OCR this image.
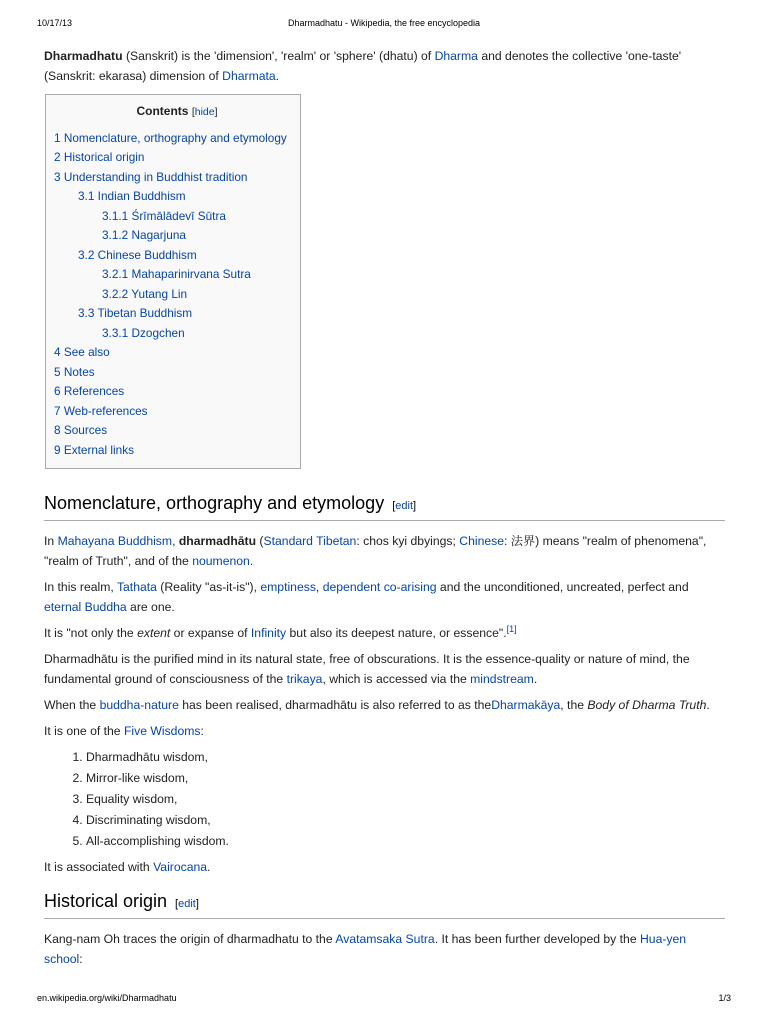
10/17/13	Dharmadhatu - Wikipedia, the free encyclopedia

Dharmadhatu (Sanskrit) is the 'dimension', 'realm' or 'sphere' (dhatu) of Dharma and denotes the collective 'one-taste' (Sanskrit: ekarasa) dimension of Dharmata.

Contents [hide]
1 Nomenclature, orthography and etymology
2 Historical origin
3 Understanding in Buddhist tradition
3.1 Indian Buddhism
3.1.1 Śrīmālādevī Sūtra
3.1.2 Nagarjuna
3.2 Chinese Buddhism
3.2.1 Mahaparinirvana Sutra
3.2.2 Yutang Lin
3.3 Tibetan Buddhism
3.3.1 Dzogchen
4 See also
5 Notes
6 References
7 Web-references
8 Sources
9 External links
Nomenclature, orthography and etymology [edit]

In Mahayana Buddhism, dharmadhātu (Standard Tibetan: chos kyi dbyings; Chinese: 法界) means "realm of phenomena", "realm of Truth", and of the noumenon.

In this realm, Tathata (Reality "as-it-is"), emptiness, dependent co-arising and the unconditioned, uncreated, perfect and eternal Buddha are one.

It is "not only the extent or expanse of Infinity but also its deepest nature, or essence".[1]

Dharmadhātu is the purified mind in its natural state, free of obscurations. It is the essence-quality or nature of mind, the fundamental ground of consciousness of the trikaya, which is accessed via the mindstream.

When the buddha-nature has been realised, dharmadhātu is also referred to as theDharmakāya, the Body of Dharma Truth.

It is one of the Five Wisdoms:

1. Dharmadhātu wisdom,
2. Mirror-like wisdom,
3. Equality wisdom,
4. Discriminating wisdom,
5. All-accomplishing wisdom.

It is associated with Vairocana.

Historical origin [edit]

Kang-nam Oh traces the origin of dharmadhatu to the Avatamsaka Sutra. It has been further developed by the Hua-yen school:

en.wikipedia.org/wiki/Dharmadhatu	1/3
